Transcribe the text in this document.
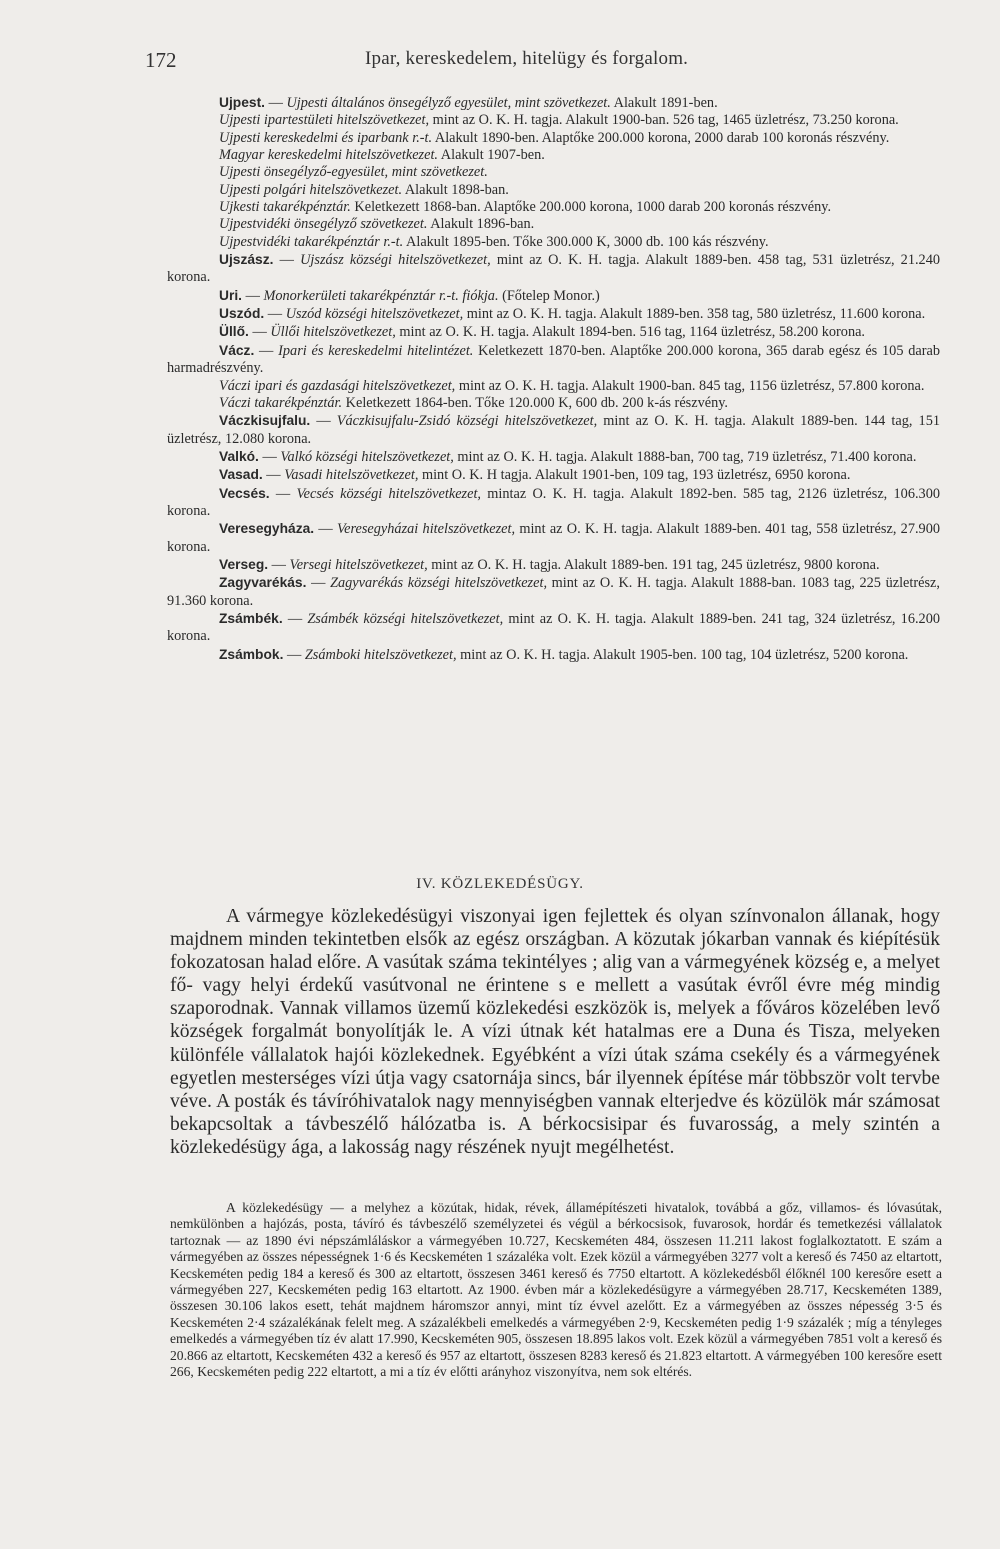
172	Ipar, kereskedelem, hitelügy és forgalom.

Ujpest. — Ujpesti általános önsegélyző egyesület, mint szövetkezet. Alakult 1891-ben.

Ujpesti ipartestületi hitelszövetkezet, mint az O. K. H. tagja. Alakult 1900-ban. 526 tag, 1465 üzletrész, 73.250 korona.

Ujpesti kereskedelmi és iparbank r.-t. Alakult 1890-ben. Alaptőke 200.000 korona, 2000 darab 100 koronás részvény.

Magyar kereskedelmi hitelszövetkezet. Alakult 1907-ben.

Ujpesti önsegélyző-egyesület, mint szövetkezet.

Ujpesti polgári hitelszövetkezet. Alakult 1898-ban.

Ujkesti takarékpénztár. Keletkezett 1868-ban. Alaptőke 200.000 korona, 1000 darab 200 koronás részvény.

Ujpestvidéki önsegélyző szövetkezet. Alakult 1896-ban.

Ujpestvidéki takarékpénztár r.-t. Alakult 1895-ben. Tőke 300.000 K, 3000 db. 100 kás részvény.

Ujszász. — Ujszász községi hitelszövetkezet, mint az O. K. H. tagja. Alakult 1889-ben. 458 tag, 531 üzletrész, 21.240 korona.

Uri. — Monorkerületi takarékpénztár r.-t. fiókja. (Főtelep Monor.)

Uszód. — Uszód községi hitelszövetkezet, mint az O. K. H. tagja. Alakult 1889-ben. 358 tag, 580 üzletrész, 11.600 korona.

Üllő. — Üllői hitelszövetkezet, mint az O. K. H. tagja. Alakult 1894-ben. 516 tag, 1164 üzletrész, 58.200 korona.

Vácz. — Ipari és kereskedelmi hitelintézet. Keletkezett 1870-ben. Alaptőke 200.000 korona, 365 darab egész és 105 darab harmadrészvény.

Váczi ipari és gazdasági hitelszövetkezet, mint az O. K. H. tagja. Alakult 1900-ban. 845 tag, 1156 üzletrész, 57.800 korona.

Váczi takarékpénztár. Keletkezett 1864-ben. Tőke 120.000 K, 600 db. 200 k-ás részvény.

Váczkisujfalu. — Váczkisujfalu-Zsidó községi hitelszövetkezet, mint az O. K. H. tagja. Alakult 1889-ben. 144 tag, 151 üzletrész, 12.080 korona.

Valkó. — Valkó községi hitelszövetkezet, mint az O. K. H. tagja. Alakult 1888-ban, 700 tag, 719 üzletrész, 71.400 korona.

Vasad. — Vasadi hitelszövetkezet, mint O. K. H tagja. Alakult 1901-ben, 109 tag, 193 üzletrész, 6950 korona.

Vecsés. — Vecsés községi hitelszövetkezet, mintaz O. K. H. tagja. Alakult 1892-ben. 585 tag, 2126 üzletrész, 106.300 korona.

Veresegyháza. — Veresegyházai hitelszövetkezet, mint az O. K. H. tagja. Alakult 1889-ben. 401 tag, 558 üzletrész, 27.900 korona.

Verseg. — Versegi hitelszövetkezet, mint az O. K. H. tagja. Alakult 1889-ben. 191 tag, 245 üzletrész, 9800 korona.

Zagyvarékás. — Zagyvarékás községi hitelszövetkezet, mint az O. K. H. tagja. Alakult 1888-ban. 1083 tag, 225 üzletrész, 91.360 korona.

Zsámbék. — Zsámbék községi hitelszövetkezet, mint az O. K. H. tagja. Alakult 1889-ben. 241 tag, 324 üzletrész, 16.200 korona.

Zsámbok. — Zsámboki hitelszövetkezet, mint az O. K. H. tagja. Alakult 1905-ben. 100 tag, 104 üzletrész, 5200 korona.

IV. KÖZLEKEDÉSÜGY.

A vármegye közlekedésügyi viszonyai igen fejlettek és olyan színvonalon állanak, hogy majdnem minden tekintetben elsők az egész országban. A közutak jókarban vannak és kiépítésük fokozatosan halad előre. A vasútak száma tekintélyes ; alig van a vármegyének község e, a melyet fő- vagy helyi érdekű vasútvonal ne érintene s e mellett a vasútak évről évre még mindig szaporodnak. Vannak villamos üzemű közlekedési eszközök is, melyek a főváros közelében levő községek forgalmát bonyolítják le. A vízi útnak két hatalmas ere a Duna és Tisza, melyeken különféle vállalatok hajói közlekednek. Egyébként a vízi útak száma csekély és a vármegyének egyetlen mesterséges vízi útja vagy csatornája sincs, bár ilyennek építése már többször volt tervbe véve. A posták és távíróhivatalok nagy mennyiségben vannak elterjedve és közülök már számosat bekapcsoltak a távbeszélő hálózatba is. A bérkocsisipar és fuvarosság, a mely szintén a közlekedésügy ága, a lakosság nagy részének nyujt megélhetést.

A közlekedésügy — a melyhez a közútak, hidak, révek, államépítészeti hivatalok, továbbá a gőz, villamos- és lóvasútak, nemkülönben a hajózás, posta, távíró és távbeszélő személyzetei és végül a bérkocsisok, fuvarosok, hordár és temetkezési vállalatok tartoznak — az 1890 évi népszámláláskor a vármegyében 10.727, Kecskeméten 484, összesen 11.211 lakost foglalkoztatott. E szám a vármegyében az összes népességnek 1·6 és Kecskeméten 1 százaléka volt. Ezek közül a vármegyében 3277 volt a kereső és 7450 az eltartott, Kecskeméten pedig 184 a kereső és 300 az eltartott, összesen 3461 kereső és 7750 eltartott. A közlekedésből élőknél 100 keresőre esett a vármegyében 227, Kecskeméten pedig 163 eltartott. Az 1900. évben már a közlekedésügyre a vármegyében 28.717, Kecskeméten 1389, összesen 30.106 lakos esett, tehát majdnem háromszor annyi, mint tíz évvel azelőtt. Ez a vármegyében az összes népesség 3·5 és Kecskeméten 2·4 százalékának felelt meg. A százalékbeli emelkedés a vármegyében 2·9, Kecskeméten pedig 1·9 százalék ; míg a tényleges emelkedés a vármegyében tíz év alatt 17.990, Kecskeméten 905, összesen 18.895 lakos volt. Ezek közül a vármegyében 7851 volt a kereső és 20.866 az eltartott, Kecskeméten 432 a kereső és 957 az eltartott, összesen 8283 kereső és 21.823 eltartott. A vármegyében 100 keresőre esett 266, Kecskeméten pedig 222 eltartott, a mi a tíz év előtti arányhoz viszonyítva, nem sok eltérés.
